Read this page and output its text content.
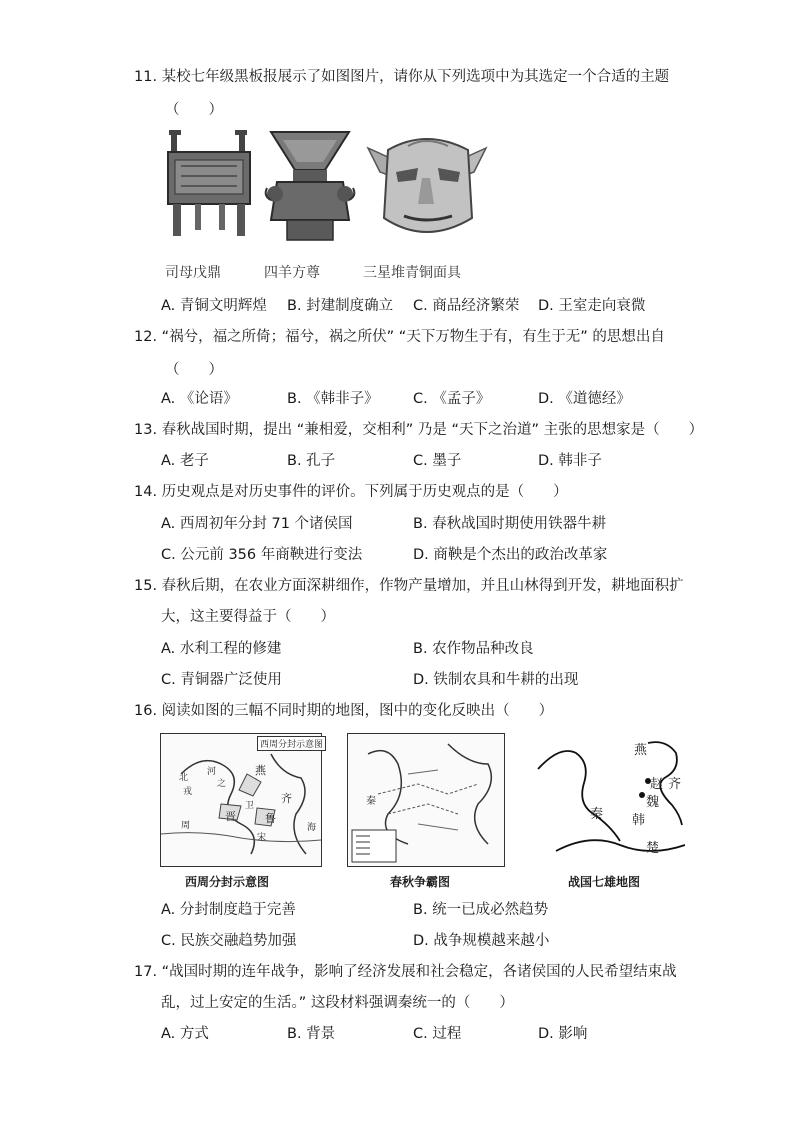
11. 某校七年级黑板报展示了如图图片，请你从下列选项中为其选定一个合适的主题
（　　）
司母戊鼎	四羊方尊	三星堆青铜面具
A. 青铜文明辉煌 B. 封建制度确立 C. 商品经济繁荣 D. 王室走向衰微
12. “祸兮，福之所倚；福兮，祸之所伏” “天下万物生于有，有生于无” 的思想出自
（　　）
A. 《论语》	B. 《韩非子》 C. 《孟子》	D. 《道德经》
13. 春秋战国时期，提出 “兼相爱，交相利” 乃是 “天下之治道” 主张的思想家是（　　）
A. 老子	B. 孔子	C. 墨子	D. 韩非子
14. 历史观点是对历史事件的评价。下列属于历史观点的是（　　）
A. 西周初年分封 71 个诸侯国	B. 春秋战国时期使用铁器牛耕
C. 公元前 356 年商鞅进行变法	D. 商鞅是个杰出的政治改革家
15. 春秋后期，在农业方面深耕细作，作物产量增加，并且山林得到开发，耕地面积扩
大，这主要得益于（　　）
A. 水利工程的修建	B. 农作物品种改良
C. 青铜器广泛使用	D. 铁制农具和牛耕的出现
16. 阅读如图的三幅不同时期的地图，图中的变化反映出（　　）
西周分封示意图
燕
晋	鲁
齐
卫
宋
周
河
之
戎
北
海
西周分封示意图
秦
春秋争霸图
燕
赵 齐
魏
韩
秦
楚
战国七雄地图
A. 分封制度趋于完善	B. 统一已成必然趋势
C. 民族交融趋势加强	D. 战争规模越来越小
17. “战国时期的连年战争，影响了经济发展和社会稳定，各诸侯国的人民希望结束战
乱，过上安定的生活。” 这段材料强调秦统一的（　　）
A. 方式	B. 背景	C. 过程	D. 影响
